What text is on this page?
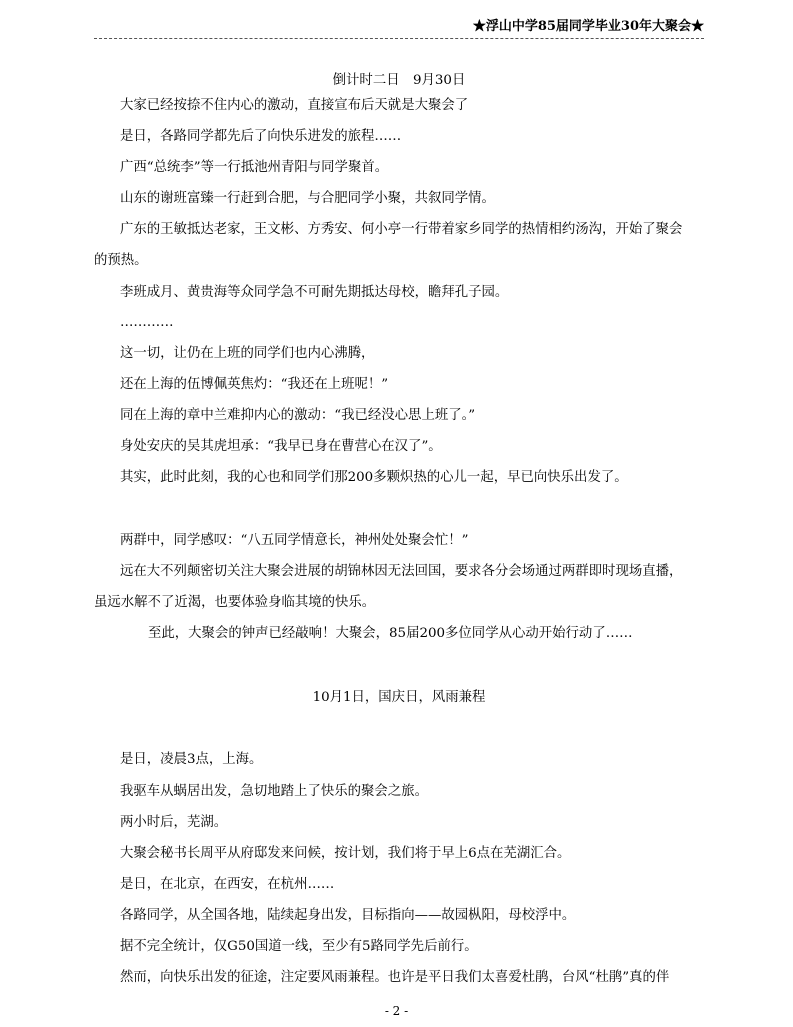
★浮山中学85届同学毕业30年大聚会★
倒计时二日　9月30日
大家已经按捺不住内心的激动，直接宣布后天就是大聚会了
是日，各路同学都先后了向快乐进发的旅程……
广西“总统李”等一行抵池州青阳与同学聚首。
山东的谢班富臻一行赶到合肥，与合肥同学小聚，共叙同学情。
广东的王敏抵达老家，王文彬、方秀安、何小亭一行带着家乡同学的热情相约汤沟，开始了聚会
的预热。
李班成月、黄贵海等众同学急不可耐先期抵达母校，瞻拜孔子园。
…………
这一切，让仍在上班的同学们也内心沸腾，
还在上海的伍博佩英焦灼：“我还在上班呢！”
同在上海的章中兰难抑内心的激动：“我已经没心思上班了。”
身处安庆的吴其虎坦承：“我早已身在曹营心在汉了”。
其实，此时此刻，我的心也和同学们那200多颗炽热的心儿一起，早已向快乐出发了。
两群中，同学感叹：“八五同学情意长，神州处处聚会忙！”
远在大不列颠密切关注大聚会进展的胡锦林因无法回国，要求各分会场通过两群即时现场直播，
虽远水解不了近渴，也要体验身临其境的快乐。
至此，大聚会的钟声已经敲响！大聚会，85届200多位同学从心动开始行动了……
10月1日，国庆日，风雨兼程
是日，凌晨3点，上海。
我驱车从蜗居出发，急切地踏上了快乐的聚会之旅。
两小时后，芜湖。
大聚会秘书长周平从府邸发来问候，按计划，我们将于早上6点在芜湖汇合。
是日，在北京，在西安，在杭州……
各路同学，从全国各地，陆续起身出发，目标指向——故园枞阳，母校浮中。
据不完全统计，仅G50国道一线，至少有5路同学先后前行。
然而，向快乐出发的征途，注定要风雨兼程。也许是平日我们太喜爱杜鹃，台风“杜鹃”真的伴
- 2 -
